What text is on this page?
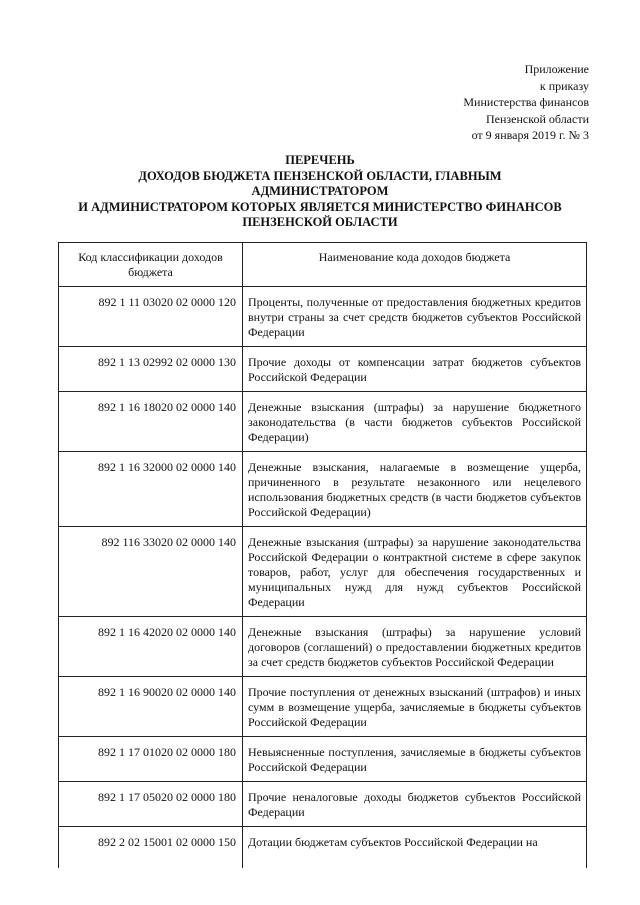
Приложение
к приказу
Министерства финансов
Пензенской области
от 9 января 2019 г. № 3
ПЕРЕЧЕНЬ
ДОХОДОВ БЮДЖЕТА ПЕНЗЕНСКОЙ ОБЛАСТИ, ГЛАВНЫМ
АДМИНИСТРАТОРОМ
И АДМИНИСТРАТОРОМ КОТОРЫХ ЯВЛЯЕТСЯ МИНИСТЕРСТВО ФИНАНСОВ
ПЕНЗЕНСКОЙ ОБЛАСТИ
Код классификации доходов бюджета	Наименование кода доходов бюджета
892 1 11 03020 02 0000 120	Проценты, полученные от предоставления бюджетных кредитов внутри страны за счет средств бюджетов субъектов Российской Федерации
892 1 13 02992 02 0000 130	Прочие доходы от компенсации затрат бюджетов субъектов Российской Федерации
892 1 16 18020 02 0000 140	Денежные взыскания (штрафы) за нарушение бюджетного законодательства (в части бюджетов субъектов Российской Федерации)
892 1 16 32000 02 0000 140	Денежные взыскания, налагаемые в возмещение ущерба, причиненного в результате незаконного или нецелевого использования бюджетных средств (в части бюджетов субъектов Российской Федерации)
892 116 33020 02 0000 140	Денежные взыскания (штрафы) за нарушение законодательства Российской Федерации о контрактной системе в сфере закупок товаров, работ, услуг для обеспечения государственных и муниципальных нужд для нужд субъектов Российской Федерации
892 1 16 42020 02 0000 140	Денежные взыскания (штрафы) за нарушение условий договоров (соглашений) о предоставлении бюджетных кредитов за счет средств бюджетов субъектов Российской Федерации
892 1 16 90020 02 0000 140	Прочие поступления от денежных взысканий (штрафов) и иных сумм в возмещение ущерба, зачисляемые в бюджеты субъектов Российской Федерации
892 1 17 01020 02 0000 180	Невыясненные поступления, зачисляемые в бюджеты субъектов Российской Федерации
892 1 17 05020 02 0000 180	Прочие неналоговые доходы бюджетов субъектов Российской Федерации
892 2 02 15001 02 0000 150	Дотации бюджетам субъектов Российской Федерации на
